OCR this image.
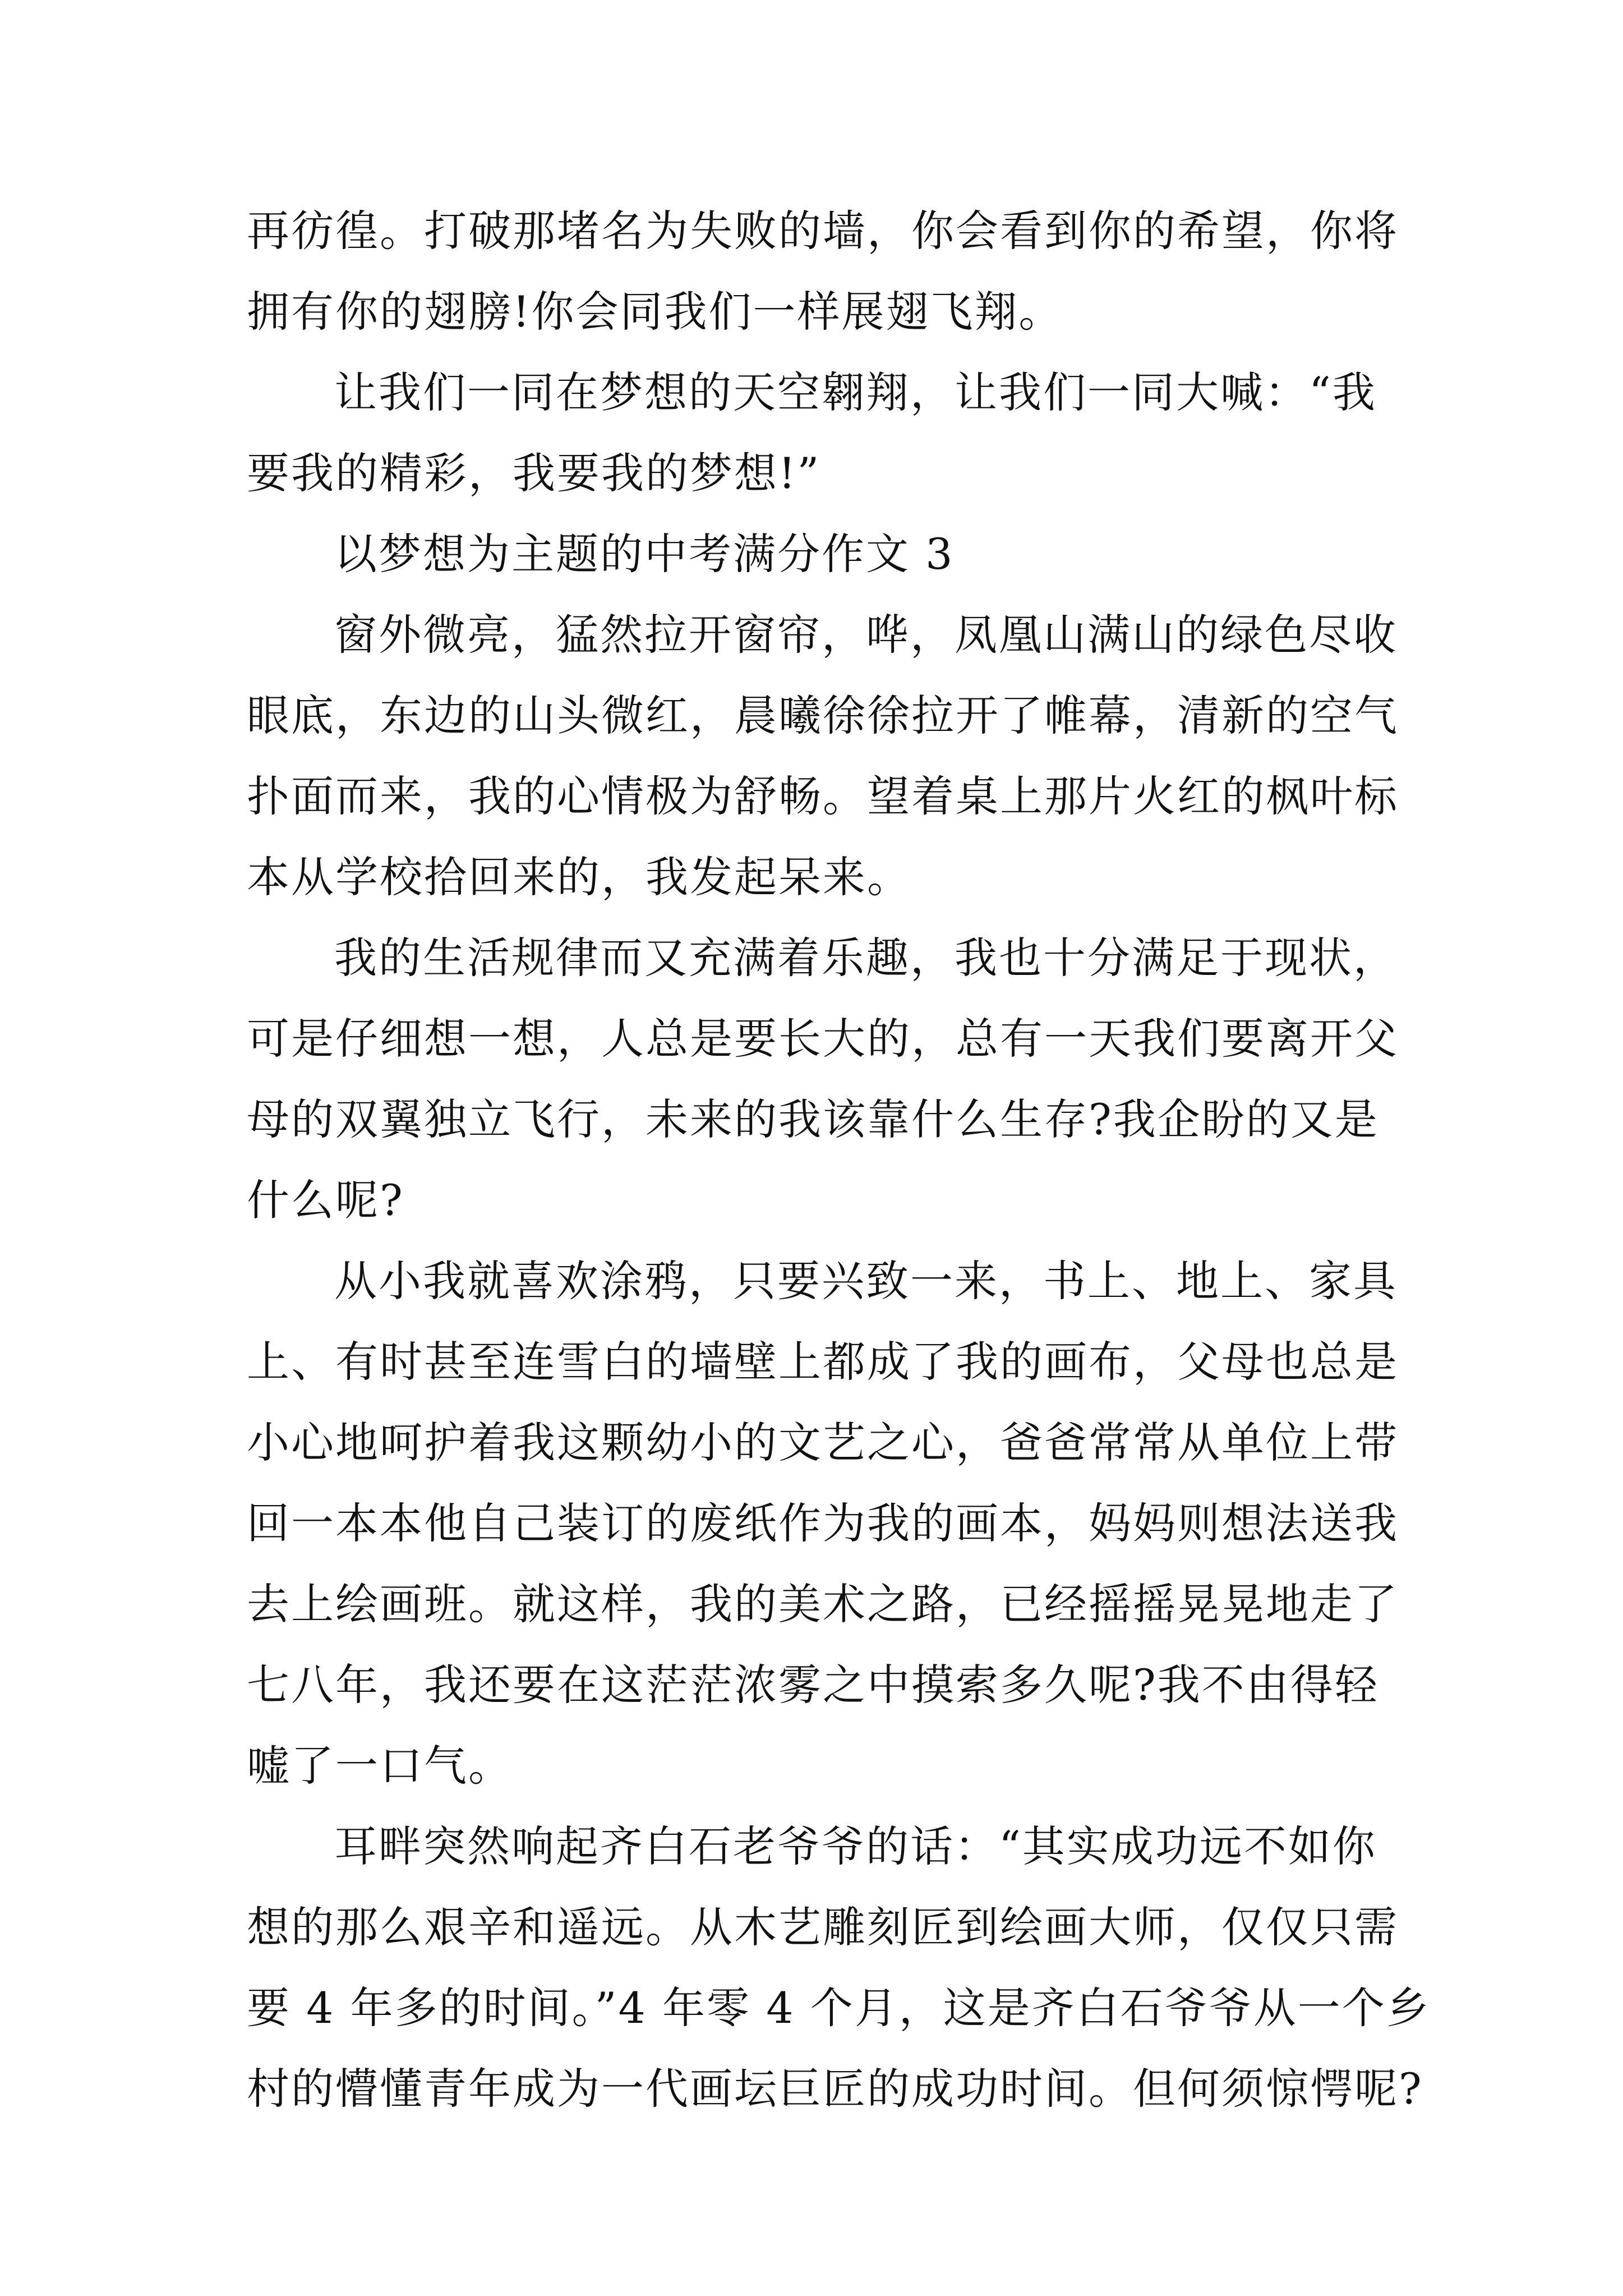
再彷徨。打破那堵名为失败的墙，你会看到你的希望，你将
拥有你的翅膀!你会同我们一样展翅飞翔。
让我们一同在梦想的天空翱翔，让我们一同大喊：“我
要我的精彩，我要我的梦想!”
以梦想为主题的中考满分作文 3
窗外微亮，猛然拉开窗帘，哗，凤凰山满山的绿色尽收
眼底，东边的山头微红，晨曦徐徐拉开了帷幕，清新的空气
扑面而来，我的心情极为舒畅。望着桌上那片火红的枫叶标
本从学校拾回来的，我发起呆来。
我的生活规律而又充满着乐趣，我也十分满足于现状，
可是仔细想一想，人总是要长大的，总有一天我们要离开父
母的双翼独立飞行，未来的我该靠什么生存?我企盼的又是
什么呢?
从小我就喜欢涂鸦，只要兴致一来，书上、地上、家具
上、有时甚至连雪白的墙壁上都成了我的画布，父母也总是
小心地呵护着我这颗幼小的文艺之心，爸爸常常从单位上带
回一本本他自己装订的废纸作为我的画本，妈妈则想法送我
去上绘画班。就这样，我的美术之路，已经摇摇晃晃地走了
七八年，我还要在这茫茫浓雾之中摸索多久呢?我不由得轻
嘘了一口气。
耳畔突然响起齐白石老爷爷的话：“其实成功远不如你
想的那么艰辛和遥远。从木艺雕刻匠到绘画大师，仅仅只需
要 4 年多的时间。”4 年零 4 个月，这是齐白石爷爷从一个乡
村的懵懂青年成为一代画坛巨匠的成功时间。但何须惊愕呢?
